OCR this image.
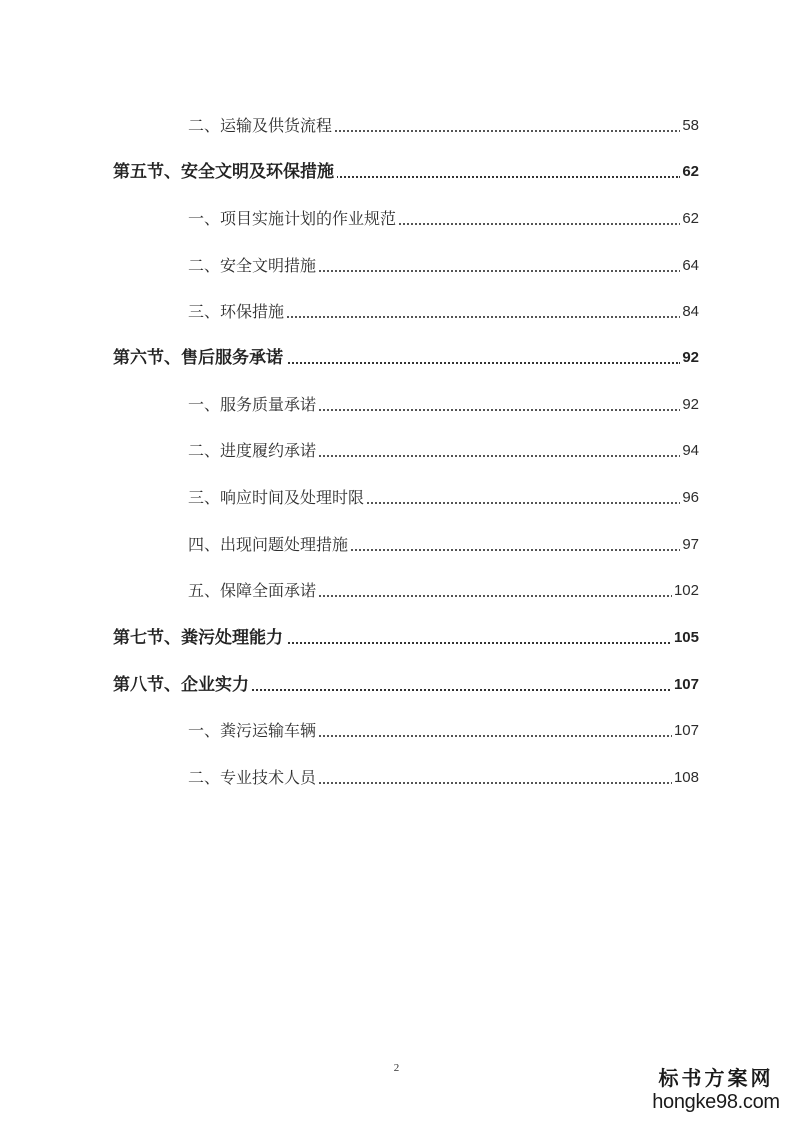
二、运输及供货流程	58
第五节、安全文明及环保措施	62
一、项目实施计划的作业规范	62
二、安全文明措施	64
三、环保措施	84
第六节、售后服务承诺	92
一、服务质量承诺	92
二、进度履约承诺	94
三、响应时间及处理时限	96
四、出现问题处理措施	97
五、保障全面承诺	102
第七节、粪污处理能力	105
第八节、企业实力	107
一、粪污运输车辆	107
二、专业技术人员	108
2	标书方案网
hongke98.com
